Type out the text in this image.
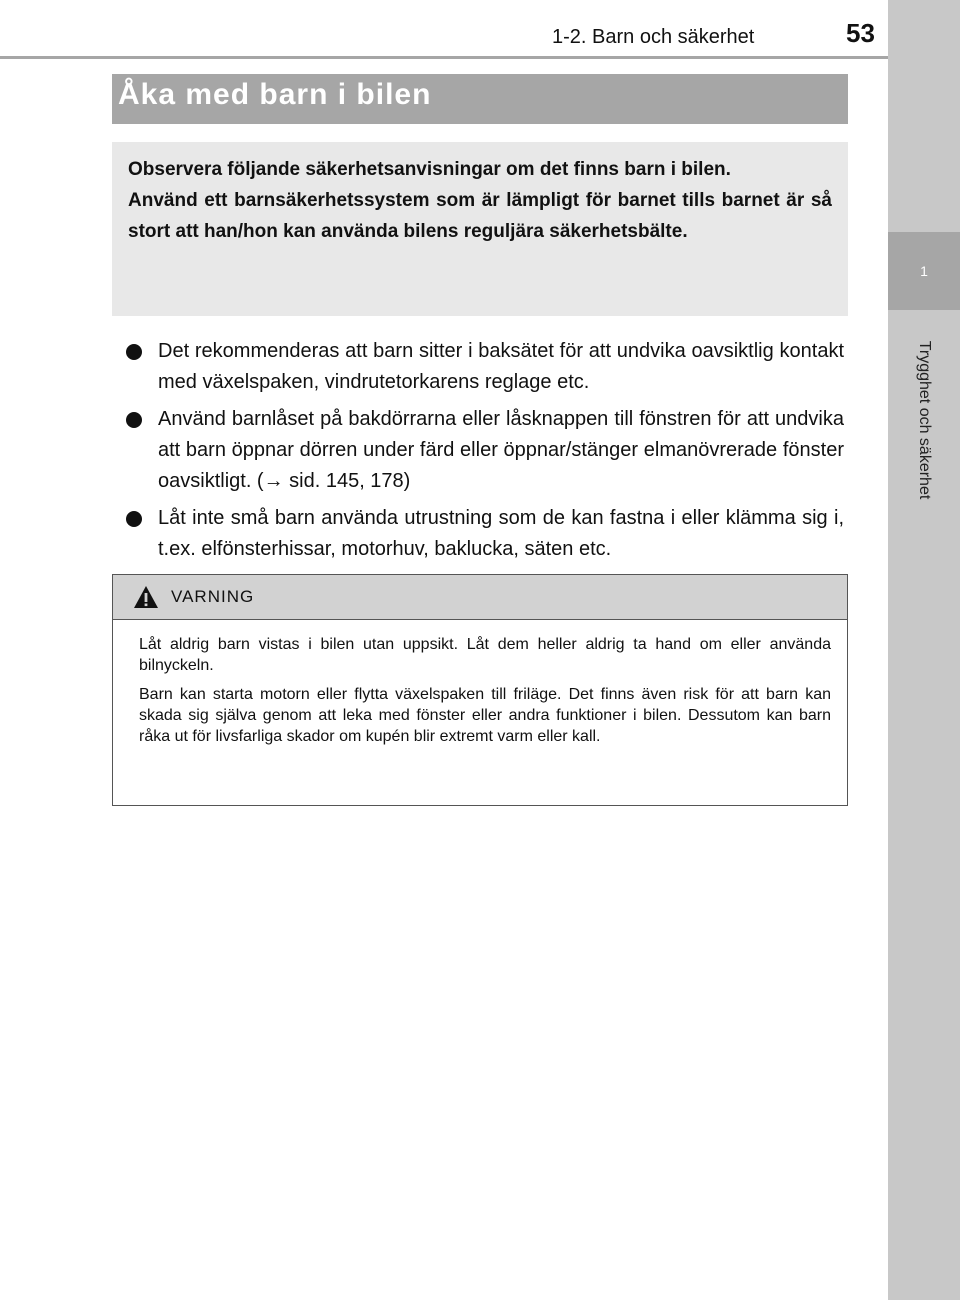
1-2. Barn och säkerhet	53
1
Trygghet och säkerhet
Åka med barn i bilen

Observera följande säkerhetsanvisningar om det finns barn i bilen.

Använd ett barnsäkerhetssystem som är lämpligt för barnet tills barnet är så stort att han/hon kan använda bilens reguljära säkerhetsbälte.

Det rekommenderas att barn sitter i baksätet för att undvika oavsiktlig kontakt med växelspaken, vindrutetorkarens reglage etc.
Använd barnlåset på bakdörrarna eller låsknappen till fönstren för att undvika att barn öppnar dörren under färd eller öppnar/stänger elmanövrerade fönster oavsiktligt. (→ sid. 145, 178)
Låt inte små barn använda utrustning som de kan fastna i eller klämma sig i, t.ex. elfönsterhissar, motorhuv, baklucka, säten etc.
VARNING

Låt aldrig barn vistas i bilen utan uppsikt. Låt dem heller aldrig ta hand om eller använda bilnyckeln.

Barn kan starta motorn eller flytta växelspaken till friläge. Det finns även risk för att barn kan skada sig själva genom att leka med fönster eller andra funktioner i bilen. Dessutom kan barn råka ut för livsfarliga skador om kupén blir extremt varm eller kall.
